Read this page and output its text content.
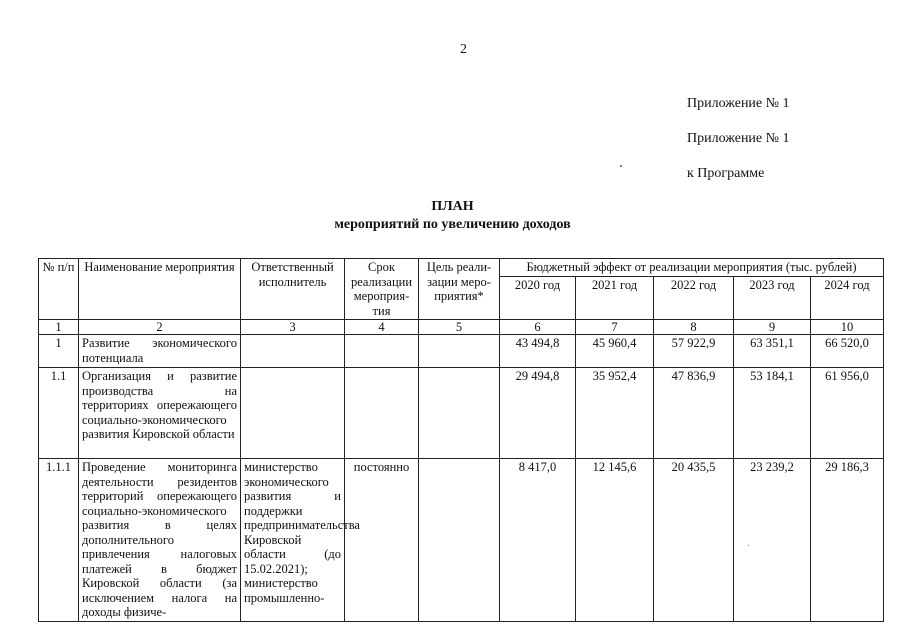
2
Приложение № 1
Приложение № 1
к Программе
ПЛАН
мероприятий по увеличению доходов
№ п/п	Наименование мероприятия	Ответственный исполнитель	Срок реализации мероприя-тия	Цель реали-зации меро-приятия*	Бюджетный эффект от реализации мероприятия (тыс. рублей)				
					2020 год	2021 год	2022 год	2023 год	2024 год
1	2	3	4	5	6	7	8	9	10
1	Развитие экономического потенциала				43 494,8	45 960,4	57 922,9	63 351,1	66 520,0
1.1	Организация и развитие производства на территориях опережающего социально-экономического развития Кировской области				29 494,8	35 952,4	47 836,9	53 184,1	61 956,0
1.1.1	Проведение мониторинга деятельности резидентов территорий опережающего социально-экономического развития в целях дополнительного привлечения налоговых платежей в бюджет Кировской области (за исключением налога на доходы физиче-	министерство экономического развития и поддержки предпринимательства Кировской области (до 15.02.2021); министерство промышленно-	постоянно		8 417,0	12 145,6	20 435,5	23 239,2	29 186,3
